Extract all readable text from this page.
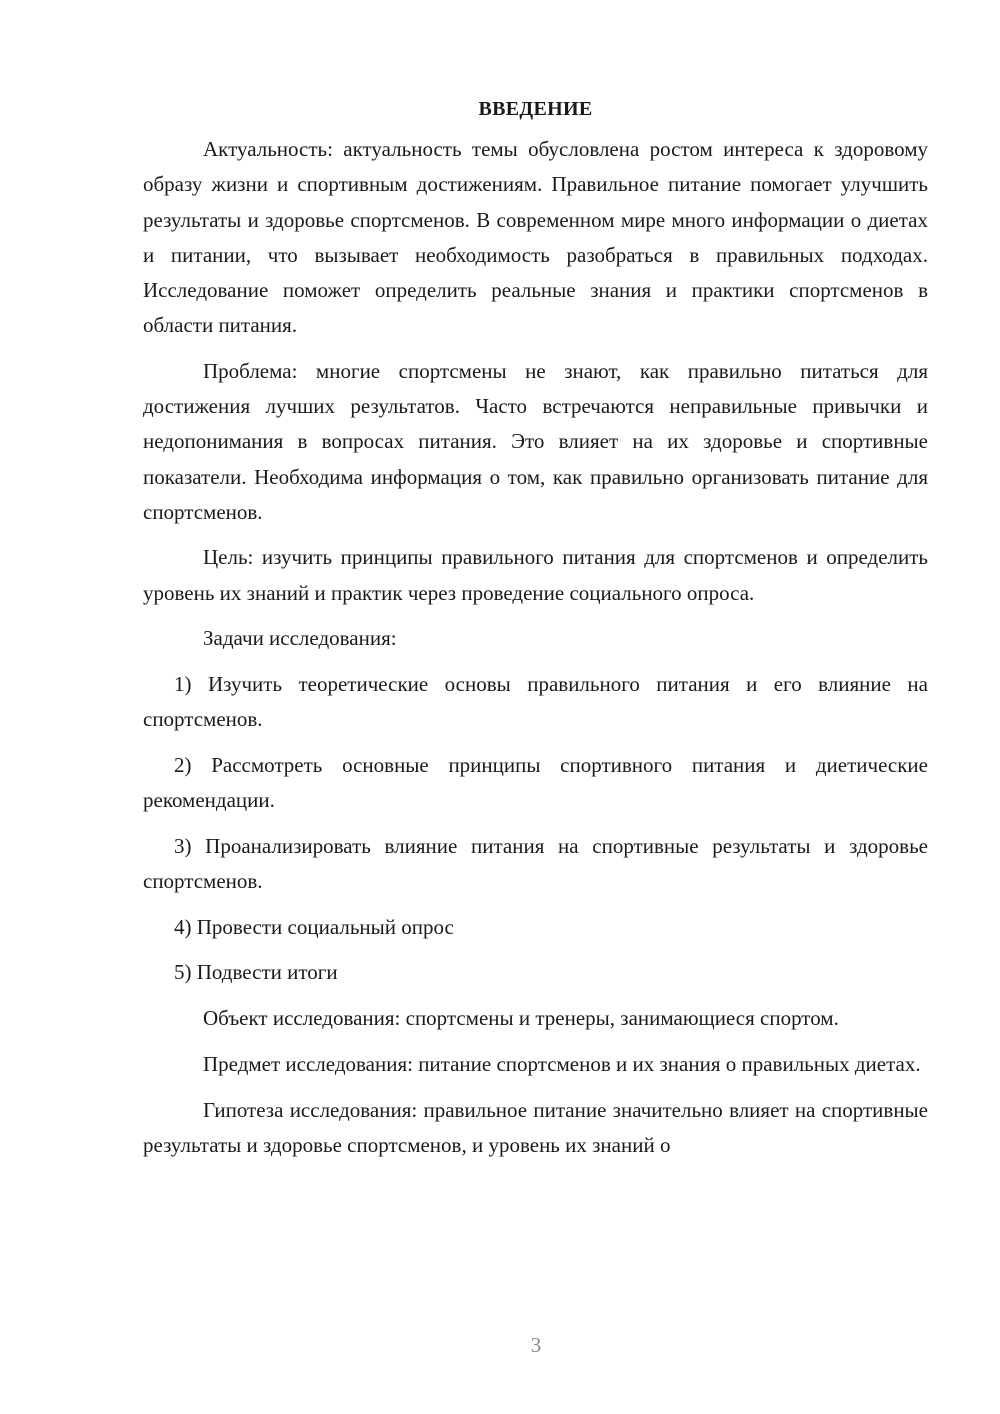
ВВЕДЕНИЕ

Актуальность: актуальность темы обусловлена ростом интереса к здоровому образу жизни и спортивным достижениям. Правильное питание помогает улучшить результаты и здоровье спортсменов. В современном мире много информации о диетах и питании, что вызывает необходимость разобраться в правильных подходах. Исследование поможет определить реальные знания и практики спортсменов в области питания.

Проблема: многие спортсмены не знают, как правильно питаться для достижения лучших результатов. Часто встречаются неправильные привычки и недопонимания в вопросах питания. Это влияет на их здоровье и спортивные показатели. Необходима информация о том, как правильно организовать питание для спортсменов.

Цель: изучить принципы правильного питания для спортсменов и определить уровень их знаний и практик через проведение социального опроса.

Задачи исследования:

1) Изучить теоретические основы правильного питания и его влияние на спортсменов.

2) Рассмотреть основные принципы спортивного питания и диетические рекомендации.

3) Проанализировать влияние питания на спортивные результаты и здоровье спортсменов.

4) Провести социальный опрос

5) Подвести итоги

Объект исследования: спортсмены и тренеры, занимающиеся спортом.

Предмет исследования: питание спортсменов и их знания о правильных диетах.

Гипотеза исследования: правильное питание значительно влияет на спортивные результаты и здоровье спортсменов, и уровень их знаний о

3
